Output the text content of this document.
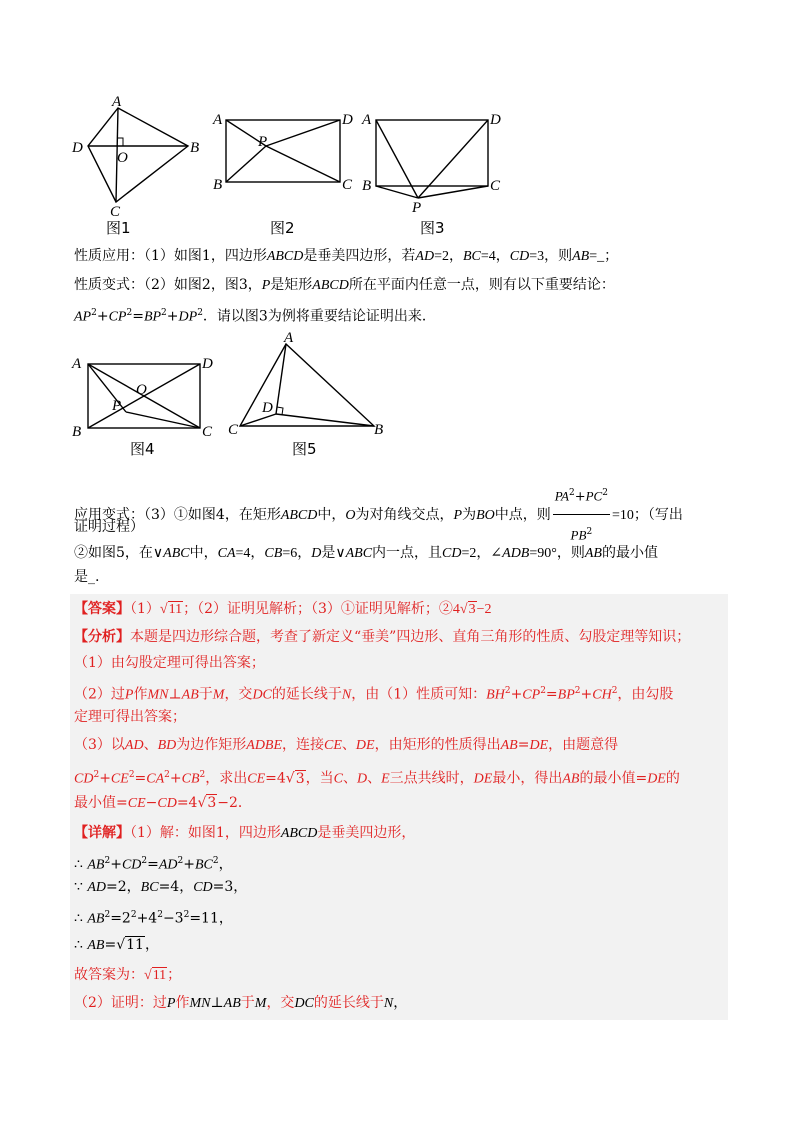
A
D
O
B
C
图1
A
B	C
D
P
图2
A
B	C
D
P
图3
性质应用：（1）如图1，四边形ABCD是垂美四边形，若AD=2，BC=4，CD=3，则AB=_；
性质变式：（2）如图2，图3，P是矩形ABCD所在平面内任意一点，则有以下重要结论：
$AP^2+CP^2=BP^2+DP^2$．请以图3为例将重要结论证明出来．
A
B	C
D
O
P
图4
A
C	B
D
图5
应用变式：（3）①如图4，在矩形ABCD中，O为对角线交点，P为BO中点，则 $\frac{PA^2+PC^2}{PB^2} =10$；（写出
证明过程）
②如图5，在∨ABC中，CA=4，CB=6，D是∨ABC内一点，且CD=2，∠ADB=90°，则AB的最小值
是_.
【答案】（1）√11；（2）证明见解析；（3）①证明见解析；②4√3−2
【分析】本题是四边形综合题，考查了新定义“垂美”四边形、直角三角形的性质、勾股定理等知识；
（1）由勾股定理可得出答案；
（2）过P作MN⊥AB于M，交DC的延长线于N，由（1）性质可知：$BH^2+CP^2=BP^2+CH^2$，由勾股
定理可得出答案；
（3）以AD、BD为边作矩形ADBE，连接CE、DE，由矩形的性质得出AB=DE，由题意得
$CD^2+CE^2=CA^2+CB^2$，求出CE=4√3，当C、D、E三点共线时，DE最小，得出AB的最小值=DE的
最小值=CE−CD=4√3−2．
【详解】（1）解：如图1，四边形ABCD是垂美四边形，
∴ $AB^2+CD^2=AD^2+BC^2$，
∵ AD=2，BC=4，CD=3，
∴ $AB^2=2^2+4^2-3^2=11$，
∴ AB=√11，
故答案为：√11；
（2）证明：过P作MN⊥AB于M，交DC的延长线于N，
